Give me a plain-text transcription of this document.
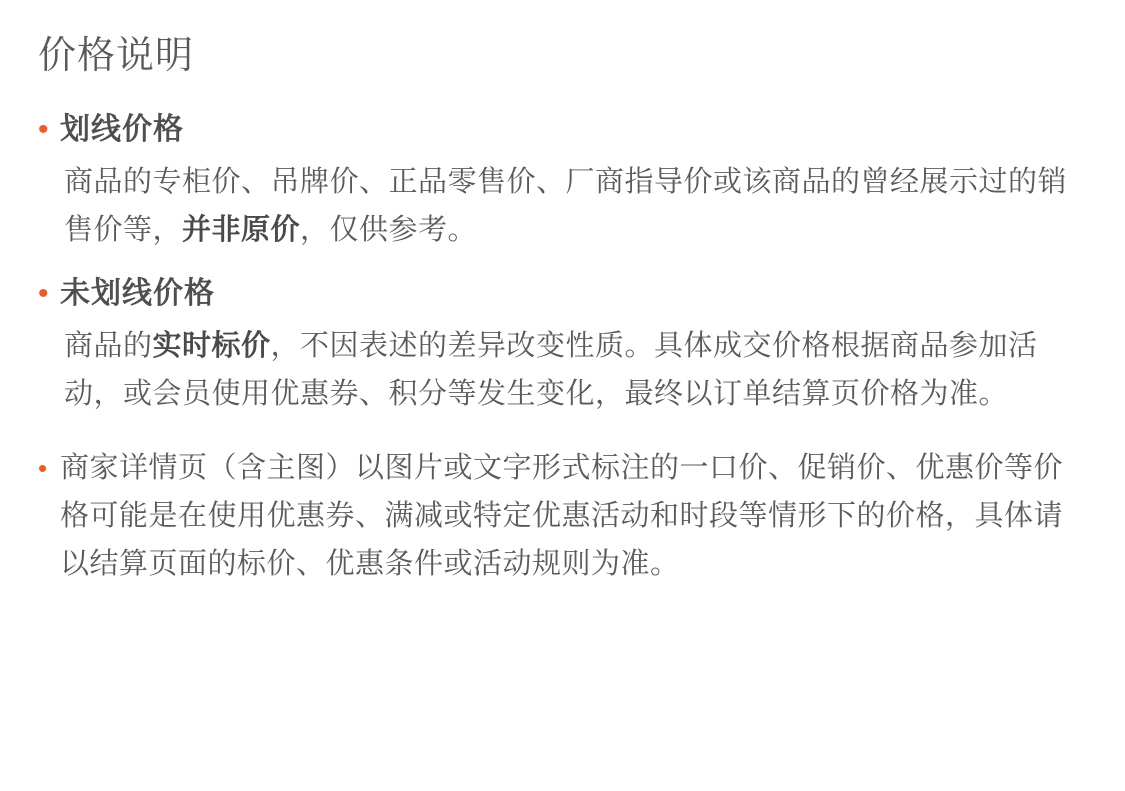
价格说明
• 划线价格
商品的专柜价、吊牌价、正品零售价、厂商指导价或该商品的曾经展示过的销售价等，并非原价，仅供参考。
• 未划线价格
商品的实时标价，不因表述的差异改变性质。具体成交价格根据商品参加活动，或会员使用优惠券、积分等发生变化，最终以订单结算页价格为准。
• 商家详情页（含主图）以图片或文字形式标注的一口价、促销价、优惠价等价格可能是在使用优惠券、满减或特定优惠活动和时段等情形下的价格，具体请以结算页面的标价、优惠条件或活动规则为准。
